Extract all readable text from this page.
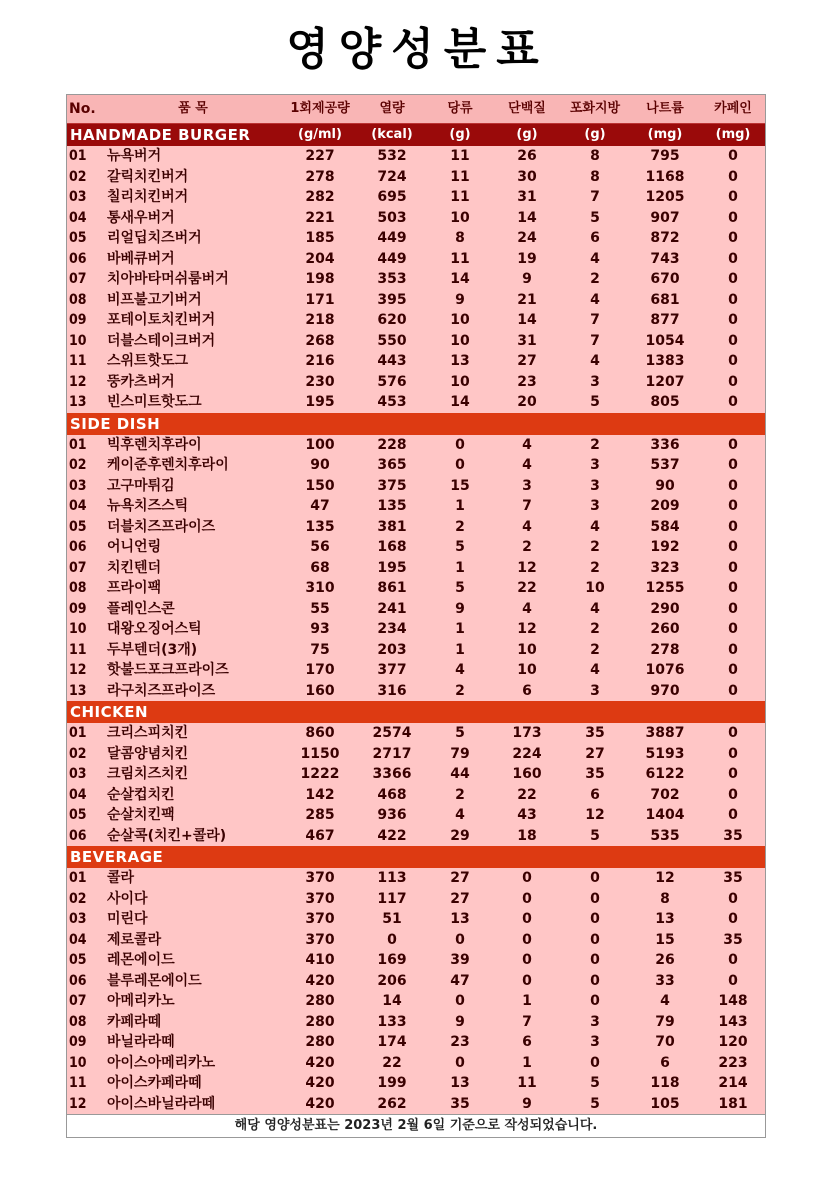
영양성분표
No.	품 목	1회제공량	열량	당류	단백질	포화지방	나트륨	카페인
HANDMADE BURGER		(g/ml)	(kcal)	(g)	(g)	(g)	(mg)	(mg)
01	뉴욕버거	227	532	11	26	8	795	0
02	갈릭치킨버거	278	724	11	30	8	1168	0
03	칠리치킨버거	282	695	11	31	7	1205	0
04	통새우버거	221	503	10	14	5	907	0
05	리얼딥치즈버거	185	449	8	24	6	872	0
06	바베큐버거	204	449	11	19	4	743	0
07	치아바타머쉬룸버거	198	353	14	9	2	670	0
08	비프불고기버거	171	395	9	21	4	681	0
09	포테이토치킨버거	218	620	10	14	7	877	0
10	더블스테이크버거	268	550	10	31	7	1054	0
11	스위트핫도그	216	443	13	27	4	1383	0
12	뚱카츠버거	230	576	10	23	3	1207	0
13	빈스미트핫도그	195	453	14	20	5	805	0
SIDE DISH								
01	빅후렌치후라이	100	228	0	4	2	336	0
02	케이준후렌치후라이	90	365	0	4	3	537	0
03	고구마튀김	150	375	15	3	3	90	0
04	뉴욕치즈스틱	47	135	1	7	3	209	0
05	더블치즈프라이즈	135	381	2	4	4	584	0
06	어니언링	56	168	5	2	2	192	0
07	치킨텐더	68	195	1	12	2	323	0
08	프라이팩	310	861	5	22	10	1255	0
09	플레인스콘	55	241	9	4	4	290	0
10	대왕오징어스틱	93	234	1	12	2	260	0
11	두부텐더(3개)	75	203	1	10	2	278	0
12	핫불드포크프라이즈	170	377	4	10	4	1076	0
13	라구치즈프라이즈	160	316	2	6	3	970	0
CHICKEN								
01	크리스피치킨	860	2574	5	173	35	3887	0
02	달콤양념치킨	1150	2717	79	224	27	5193	0
03	크림치즈치킨	1222	3366	44	160	35	6122	0
04	순살컵치킨	142	468	2	22	6	702	0
05	순살치킨팩	285	936	4	43	12	1404	0
06	순살콕(치킨+콜라)	467	422	29	18	5	535	35
BEVERAGE								
01	콜라	370	113	27	0	0	12	35
02	사이다	370	117	27	0	0	8	0
03	미린다	370	51	13	0	0	13	0
04	제로콜라	370	0	0	0	0	15	35
05	레몬에이드	410	169	39	0	0	26	0
06	블루레몬에이드	420	206	47	0	0	33	0
07	아메리카노	280	14	0	1	0	4	148
08	카페라떼	280	133	9	7	3	79	143
09	바닐라라떼	280	174	23	6	3	70	120
10	아이스아메리카노	420	22	0	1	0	6	223
11	아이스카페라떼	420	199	13	11	5	118	214
12	아이스바닐라라떼	420	262	35	9	5	105	181
해당 영양성분표는 2023년 2월 6일 기준으로 작성되었습니다.								
